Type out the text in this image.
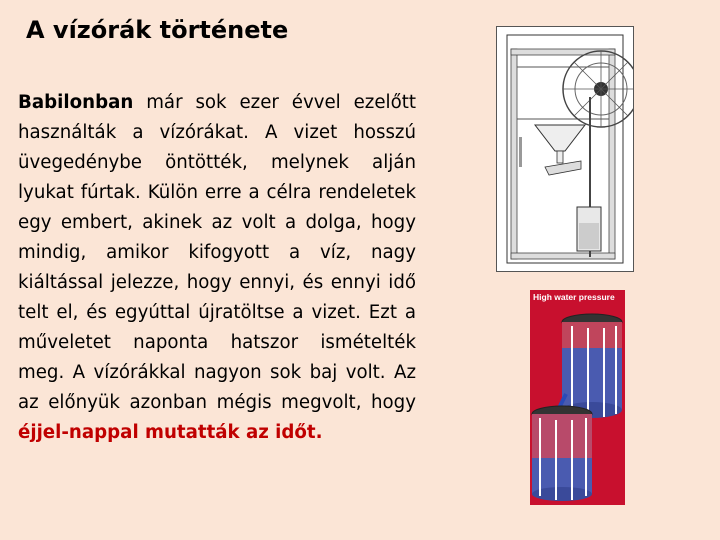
A vízórák története
Babilonban már sok ezer évvel ezelőtt használták a vízórákat. A vizet hosszú üvegedénybe öntötték, melynek alján lyukat fúrtak. Külön erre a célra rendeletek egy embert, akinek az volt a dolga, hogy mindig, amikor kifogyott a víz, nagy kiáltással jelezze, hogy ennyi, és ennyi idő telt el, és egyúttal újratöltse a vizet. Ezt a műveletet naponta hatszor ismételték meg. A vízórákkal nagyon sok baj volt. Az az előnyük azonban mégis megvolt, hogy éjjel-nappal mutatták az időt.
High water pressure
